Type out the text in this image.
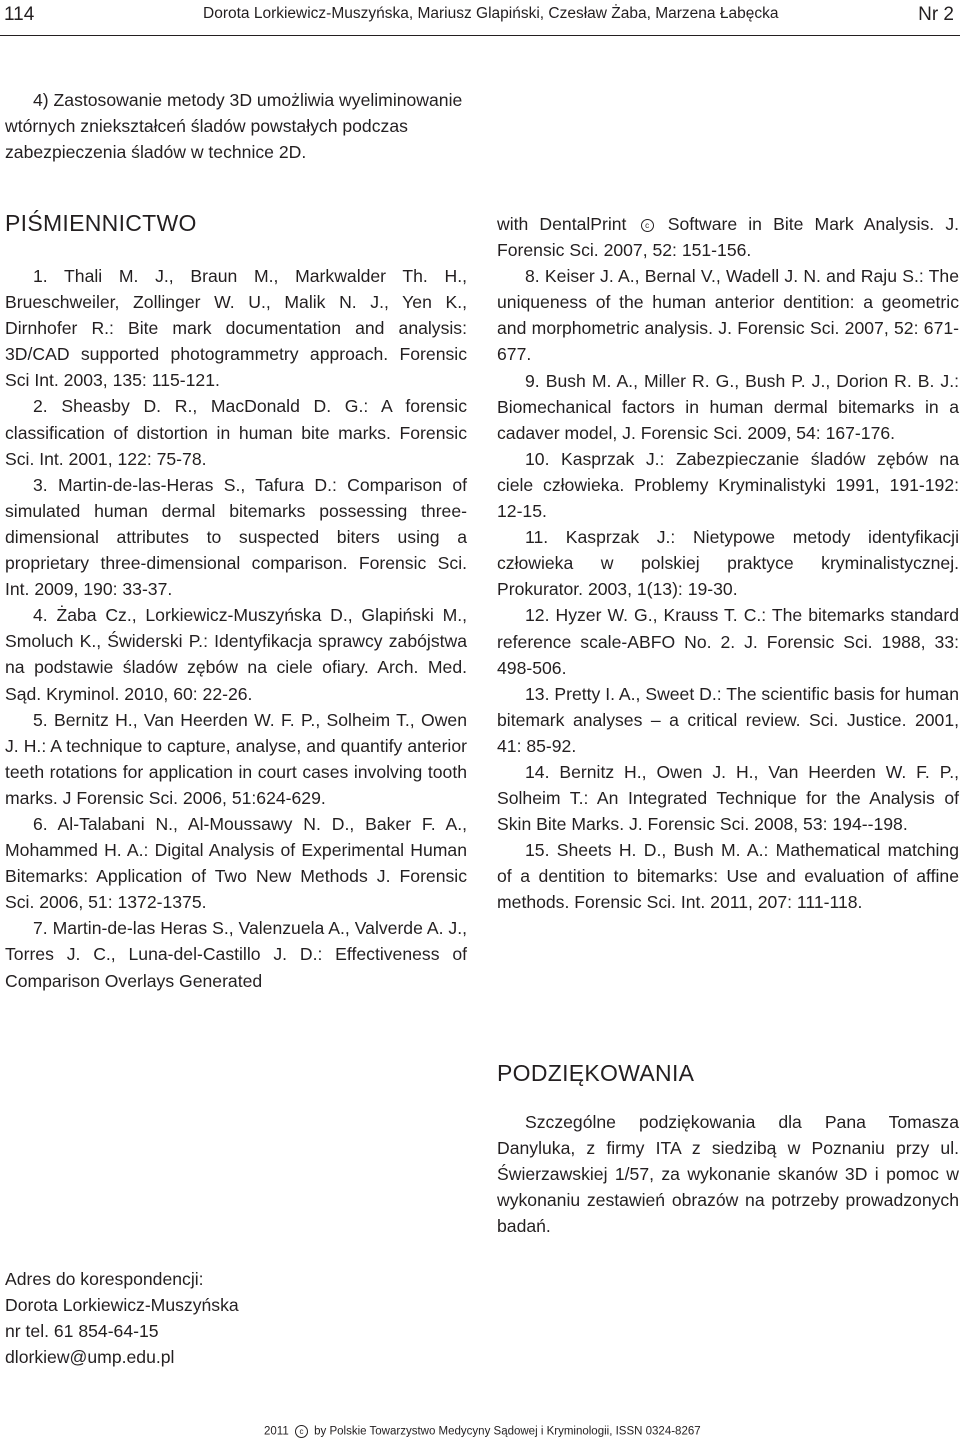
114	Dorota Lorkiewicz-Muszyńska, Mariusz Glapiński, Czesław Żaba, Marzena Łabęcka	Nr 2

4) Zastosowanie metody 3D umożliwia wyeliminowanie wtórnych zniekształceń śladów powstałych podczas zabezpieczenia śladów w technice 2D.

PIŚMIENNICTWO

1. Thali M. J., Braun M., Markwalder Th. H., Brueschweiler, Zollinger W. U., Malik N. J., Yen K., Dirnhofer R.: Bite mark documentation and analysis: 3D/CAD supported photogrammetry approach. Forensic Sci Int. 2003, 135: 115-121.

2. Sheasby D. R., MacDonald D. G.: A forensic classification of distortion in human bite marks. Forensic Sci. Int. 2001, 122: 75-78.

3. Martin-de-las-Heras S., Tafura D.: Comparison of simulated human dermal bitemarks possessing three-dimensional attributes to suspected biters using a proprietary three-dimensional comparison. Forensic Sci. Int. 2009, 190: 33-37.

4. Żaba Cz., Lorkiewicz-Muszyńska D., Glapiński M., Smoluch K., Świderski P.: Identyfikacja sprawcy zabójstwa na podstawie śladów zębów na ciele ofiary. Arch. Med. Sąd. Kryminol. 2010, 60: 22-26.

5. Bernitz H., Van Heerden W. F. P., Solheim T., Owen J. H.: A technique to capture, analyse, and quantify anterior teeth rotations for application in court cases involving tooth marks. J Forensic Sci. 2006, 51:624-629.

6. Al-Talabani N., Al-Moussawy N. D., Baker F. A., Mohammed H. A.: Digital Analysis of Experimental Human Bitemarks: Application of Two New Methods J. Forensic Sci. 2006, 51: 1372-1375.

7. Martin-de-las Heras S., Valenzuela A., Valverde A. J., Torres J. C., Luna-del-Castillo J. D.: Effectiveness of Comparison Overlays Generated

with DentalPrint c Software in Bite Mark Analysis. J. Forensic Sci. 2007, 52: 151-156.

8. Keiser J. A., Bernal V., Wadell J. N. and Raju S.: The uniqueness of the human anterior dentition: a geometric and morphometric analysis. J. Forensic Sci. 2007, 52: 671-677.

9. Bush M. A., Miller R. G., Bush P. J., Dorion R. B. J.: Biomechanical factors in human dermal bitemarks in a cadaver model, J. Forensic Sci. 2009, 54: 167-176.

10. Kasprzak J.: Zabezpieczanie śladów zębów na ciele człowieka. Problemy Kryminalistyki 1991, 191-192: 12-15.

11. Kasprzak J.: Nietypowe metody identyfikacji człowieka w polskiej praktyce kryminalistycznej. Prokurator. 2003, 1(13): 19-30.

12. Hyzer W. G., Krauss T. C.: The bitemarks standard reference scale-ABFO No. 2. J. Forensic Sci. 1988, 33: 498-506.

13. Pretty I. A., Sweet D.: The scientific basis for human bitemark analyses – a critical review. Sci. Justice. 2001, 41: 85-92.

14. Bernitz H., Owen J. H., Van Heerden W. F. P., Solheim T.: An Integrated Technique for the Analysis of Skin Bite Marks. J. Forensic Sci. 2008, 53: 194--198.

15. Sheets H. D., Bush M. A.: Mathematical matching of a dentition to bitemarks: Use and evaluation of affine methods. Forensic Sci. Int. 2011, 207: 111-118.

PODZIĘKOWANIA

Szczególne podziękowania dla Pana Tomasza Danyluka, z firmy ITA z siedzibą w Poznaniu przy ul. Świerzawskiej 1/57, za wykonanie skanów 3D i pomoc w wykonaniu zestawień obrazów na potrzeby prowadzonych badań.

Adres do korespondencji:
Dorota Lorkiewicz-Muszyńska
nr tel. 61 854-64-15
dlorkiew@ump.edu.pl
2011 c by Polskie Towarzystwo Medycyny Sądowej i Kryminologii, ISSN 0324-8267
